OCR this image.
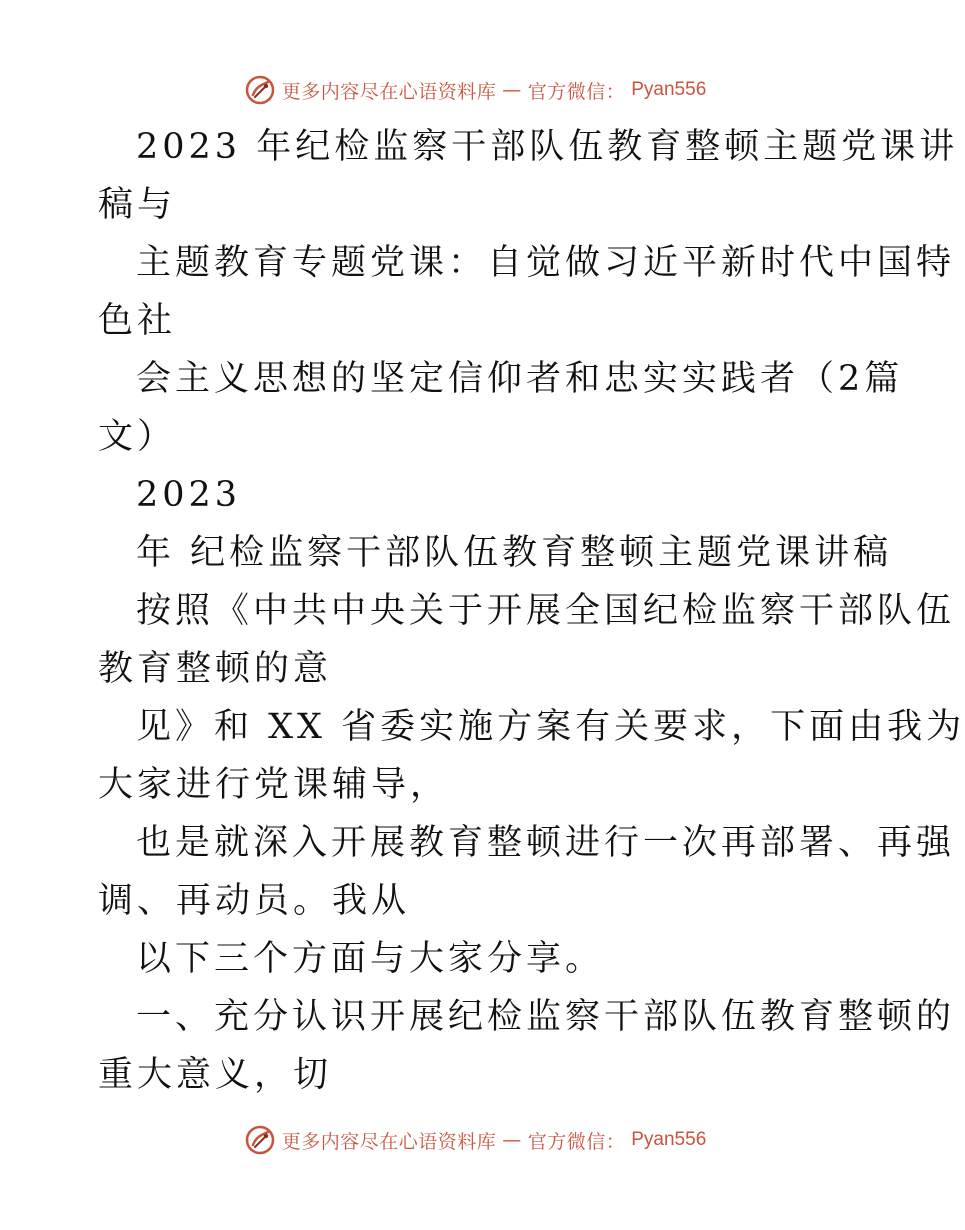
更多内容尽在心语资料库 — 官方微信： Pyan556
2023 年纪检监察干部队伍教育整顿主题党课讲
稿与
主题教育专题党课：自觉做习近平新时代中国特
色社
会主义思想的坚定信仰者和忠实实践者（2篇
文）
2023
年 纪检监察干部队伍教育整顿主题党课讲稿
按照《中共中央关于开展全国纪检监察干部队伍
教育整顿的意
见》和 XX 省委实施方案有关要求，下面由我为
大家进行党课辅导，
也是就深入开展教育整顿进行一次再部署、再强
调、再动员。我从
以下三个方面与大家分享。
一、充分认识开展纪检监察干部队伍教育整顿的
重大意义，切
更多内容尽在心语资料库 — 官方微信： Pyan556
